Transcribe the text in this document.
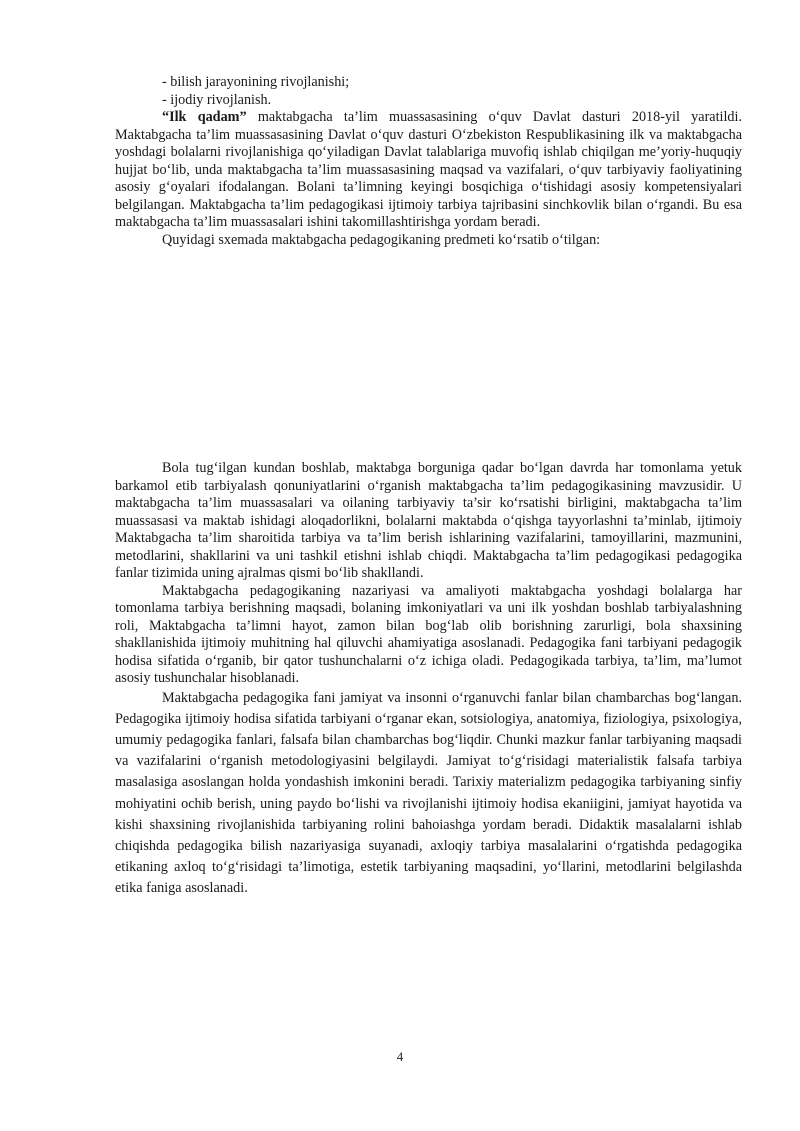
- bilish jarayonining rivojlanishi;

- ijodiy rivojlanish.

“Ilk qadam” maktabgacha ta’lim muassasasining o‘quv Davlat dasturi 2018-yil yaratildi. Maktabgacha ta’lim muassasasining Davlat o‘quv dasturi O‘zbekiston Respublikasining ilk va maktabgacha yoshdagi bolalarni rivojlanishiga qo‘yiladigan Davlat talablariga muvofiq ishlab chiqilgan me’yoriy-huquqiy hujjat bo‘lib, unda maktabgacha ta’lim muassasasining maqsad va vazifalari, o‘quv tarbiyaviy faoliyatining asosiy g‘oyalari ifodalangan. Bolani ta’limning keyingi bosqichiga o‘tishidagi asosiy kompetensiyalari belgilangan. Maktabgacha ta’lim pedagogikasi ijtimoiy tarbiya tajribasini sinchkovlik bilan o‘rgandi. Bu esa maktabgacha ta’lim muassasalari ishini takomillashtirishga yordam beradi.

Quyidagi sxemada maktabgacha pedagogikaning predmeti ko‘rsatib o‘tilgan:

Bola tug‘ilgan kundan boshlab, maktabga borguniga qadar bo‘lgan davrda har tomonlama yetuk barkamol etib tarbiyalash qonuniyatlarini o‘rganish maktabgacha ta’lim pedagogikasining mavzusidir. U maktabgacha ta’lim muassasalari va oilaning tarbiyaviy ta’sir ko‘rsatishi birligini, maktabgacha ta’lim muassasasi va maktab ishidagi aloqadorlikni, bolalarni maktabda o‘qishga tayyorlashni ta’minlab, ijtimoiy Maktabgacha ta’lim sharoitida tarbiya va ta’lim berish ishlarining vazifalarini, tamoyillarini, mazmunini, metodlarini, shakllarini va uni tashkil etishni ishlab chiqdi. Maktabgacha ta’lim pedagogikasi pedagogika fanlar tizimida uning ajralmas qismi bo‘lib shakllandi.

Maktabgacha pedagogikaning nazariyasi va amaliyoti maktabgacha yoshdagi bolalarga har tomonlama tarbiya berishning maqsadi, bolaning imkoniyatlari va uni ilk yoshdan boshlab tarbiyalashning roli, Maktabgacha ta’limni hayot, zamon bilan bog‘lab olib borishning zarurligi, bola shaxsining shakllanishida ijtimoiy muhitning hal qiluvchi ahamiyatiga asoslanadi. Pedagogika fani tarbiyani pedagogik hodisa sifatida o‘rganib, bir qator tushunchalarni o‘z ichiga oladi. Pedagogikada tarbiya, ta’lim, ma’lumot asosiy tushunchalar hisoblanadi.

Maktabgacha pedagogika fani jamiyat va insonni o‘rganuvchi fanlar bilan chambarchas bog‘langan. Pedagogika ijtimoiy hodisa sifatida tarbiyani o‘rganar ekan, sotsiologiya, anatomiya, fiziologiya, psixologiya, umumiy pedagogika fanlari, falsafa bilan chambarchas bog‘liqdir. Chunki mazkur fanlar tarbiyaning maqsadi va vazifalarini o‘rganish metodologiyasini belgilaydi. Jamiyat to‘g‘risidagi materialistik falsafa tarbiya masalasiga asoslangan holda yondashish imkonini beradi. Tarixiy materializm pedagogika tarbiyaning sinfiy mohiyatini ochib berish, uning paydo bo‘lishi va rivojlanishi ijtimoiy hodisa ekaniigini, jamiyat hayotida va kishi shaxsining rivojlanishida tarbiyaning rolini bahoiashga yordam beradi. Didaktik masalalarni ishlab chiqishda pedagogika bilish nazariyasiga suyanadi, axloqiy tarbiya masalalarini o‘rgatishda pedagogika etikaning axloq to‘g‘risidagi ta’limotiga, estetik tarbiyaning maqsadini, yo‘llarini, metodlarini belgilashda etika faniga asoslanadi.

4
